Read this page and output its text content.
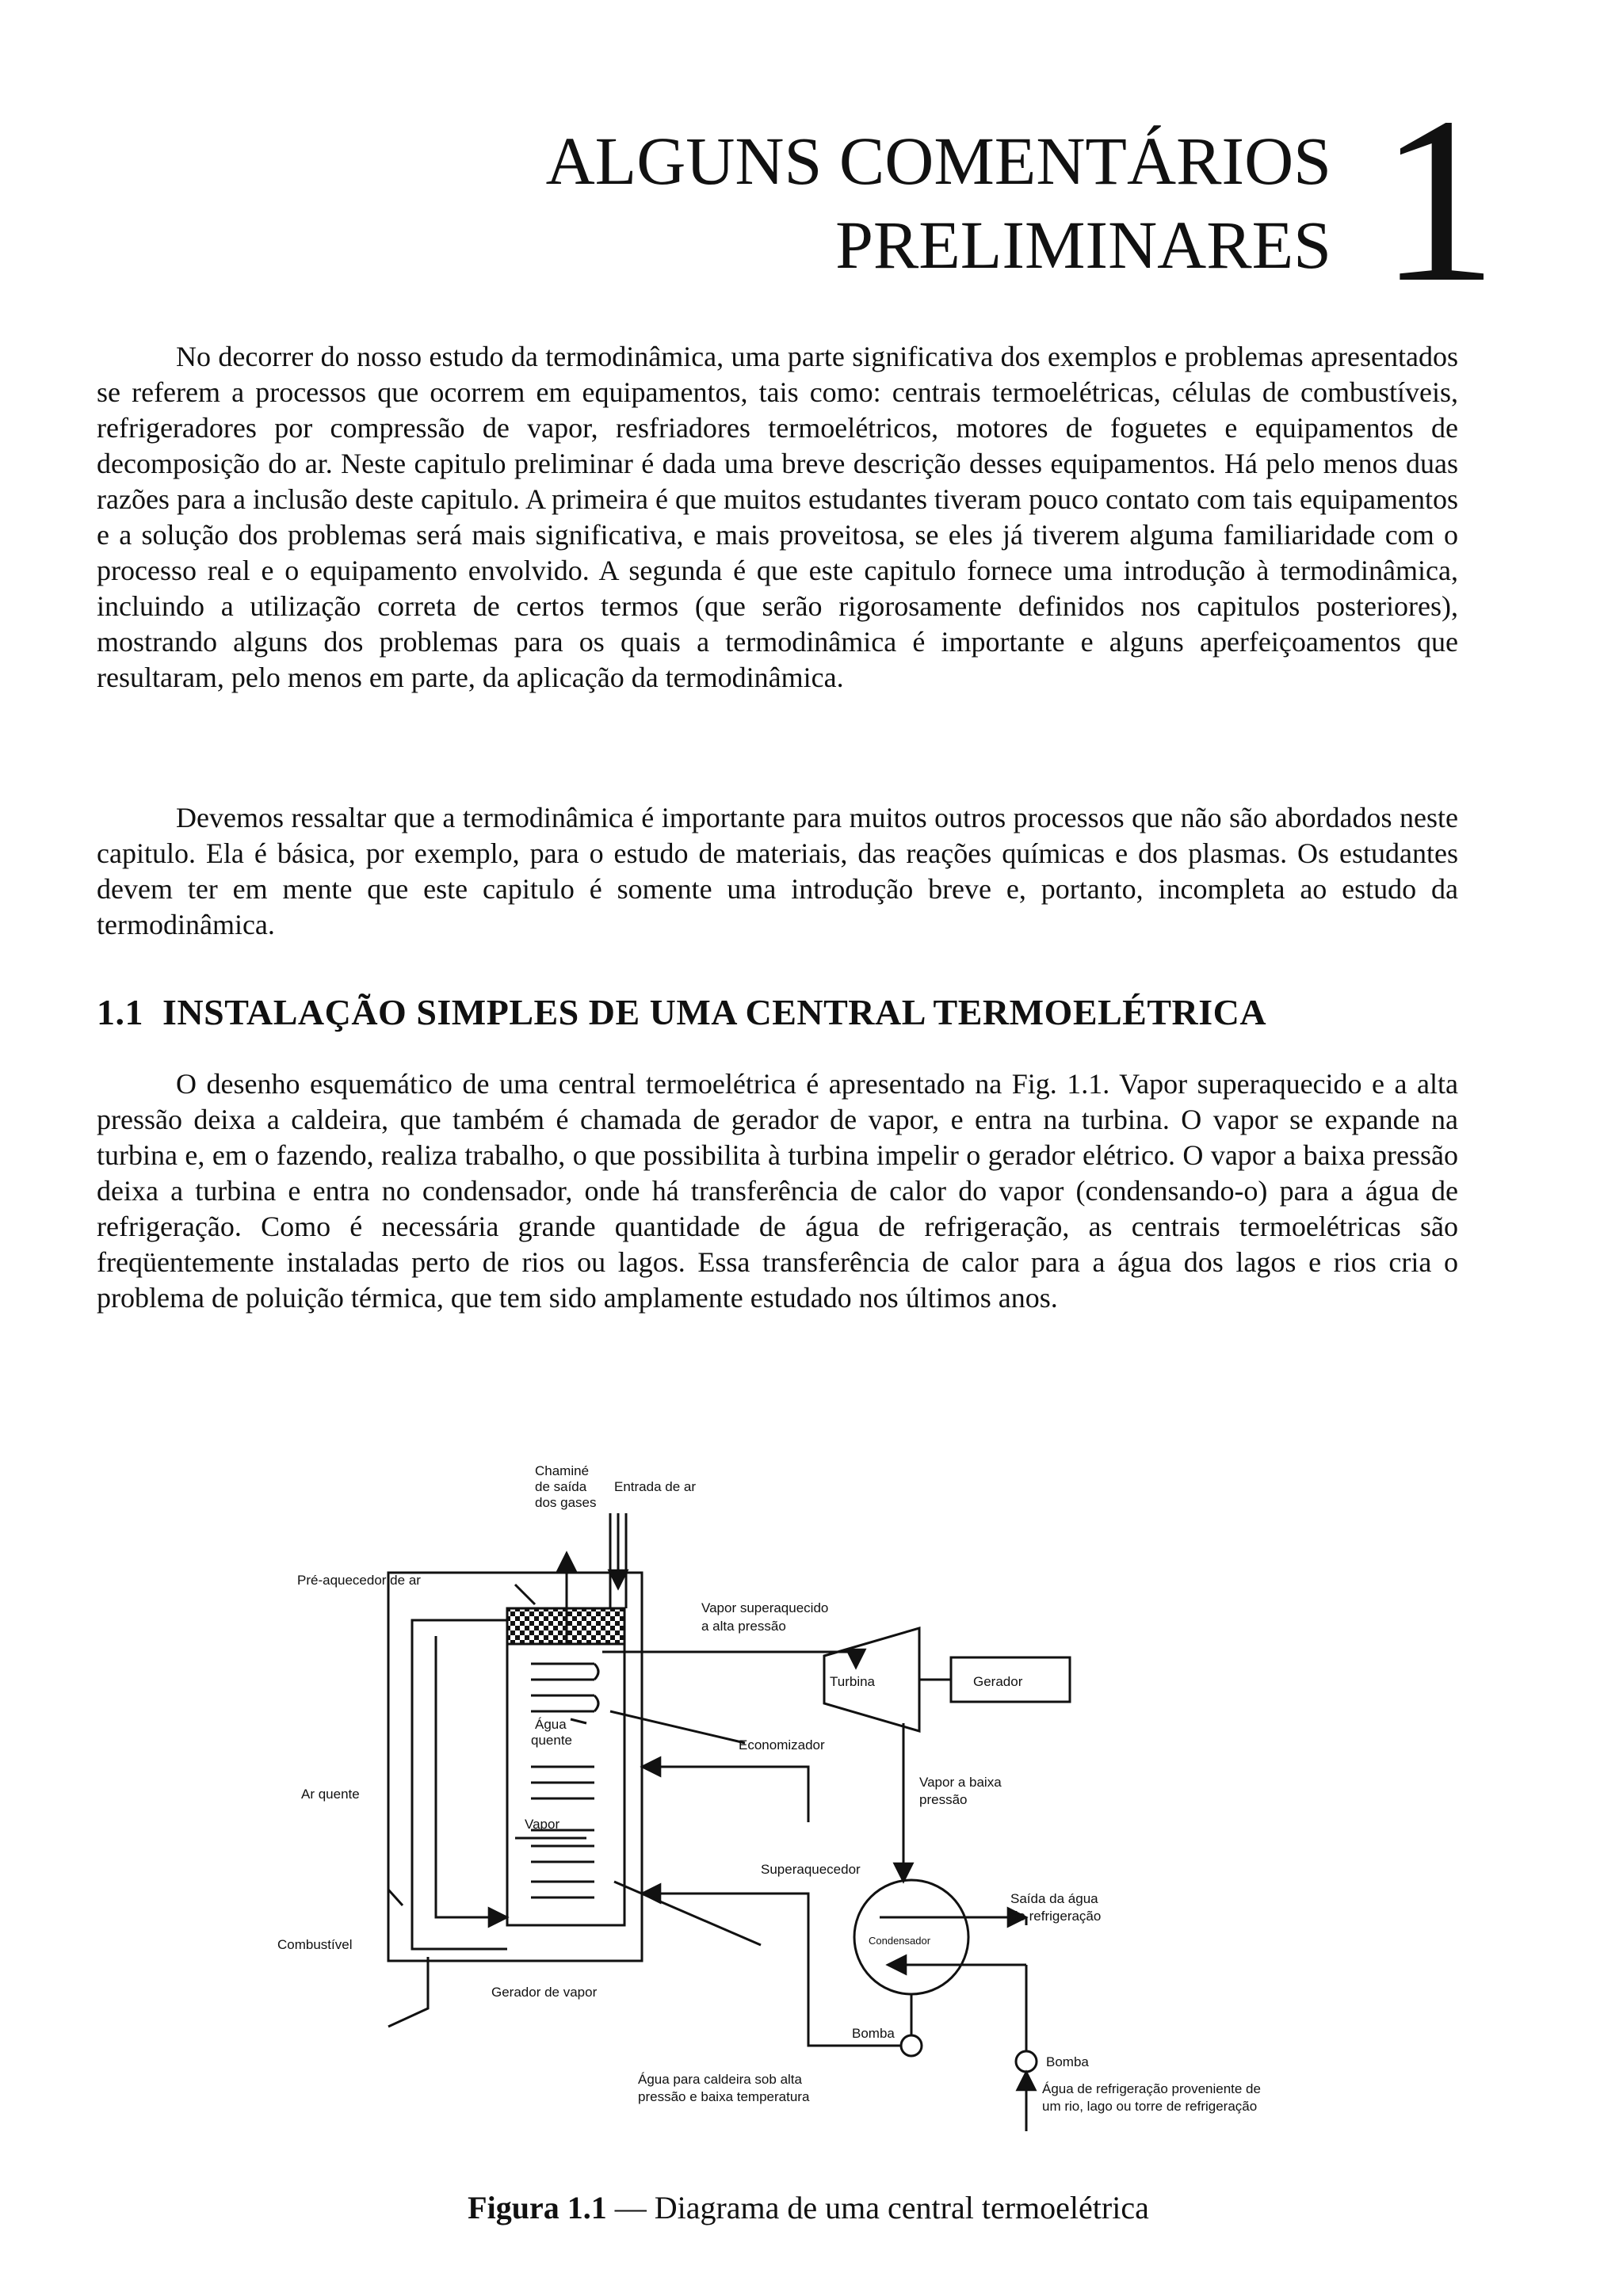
ALGUNS COMENTÁRIOS
PRELIMINARES 1

No decorrer do nosso estudo da termodinâmica, uma parte significativa dos exemplos e problemas apresentados se referem a processos que ocorrem em equipamentos, tais como: centrais termoelétricas, células de combustíveis, refrigeradores por compressão de vapor, resfriadores termoelétricos, motores de foguetes e equipamentos de decomposição do ar. Neste capitulo preliminar é dada uma breve descrição desses equipamentos. Há pelo menos duas razões para a inclusão deste capitulo. A primeira é que muitos estudantes tiveram pouco contato com tais equipamentos e a solução dos problemas será mais significativa, e mais proveitosa, se eles já tiverem alguma familiaridade com o processo real e o equipamento envolvido. A segunda é que este capitulo fornece uma introdução à termodinâmica, incluindo a utilização correta de certos termos (que serão rigorosamente definidos nos capitulos posteriores), mostrando alguns dos problemas para os quais a termodinâmica é importante e alguns aperfeiçoamentos que resultaram, pelo menos em parte, da aplicação da termodinâmica.

1.1 INSTALAÇÃO SIMPLES DE UMA CENTRAL TERMOELÉTRICA

Devemos ressaltar que a termodinâmica é importante para muitos outros processos que não são abordados neste capitulo. Ela é básica, por exemplo, para o estudo de materiais, das reações químicas e dos plasmas. Os estudantes devem ter em mente que este capitulo é somente uma introdução breve e, portanto, incompleta ao estudo da termodinâmica.

O desenho esquemático de uma central termoelétrica é apresentado na Fig. 1.1. Vapor superaquecido e a alta pressão deixa a caldeira, que também é chamada de gerador de vapor, e entra na turbina. O vapor se expande na turbina e, em o fazendo, realiza trabalho, o que possibilita à turbina impelir o gerador elétrico. O vapor a baixa pressão deixa a turbina e entra no condensador, onde há transferência de calor do vapor (condensando-o) para a água de refrigeração. Como é necessária grande quantidade de água de refrigeração, as centrais termoelétricas são freqüentemente instaladas perto de rios ou lagos. Essa transferência de calor para a água dos lagos e rios cria o problema de poluição térmica, que tem sido amplamente estudado nos últimos anos.

Chaminé
de saída
dos gases
Entrada de ar
Pré-aquecedor de ar
Vapor superaquecido
a alta pressão
Turbina	Gerador
Água
quente	Economizador
Ar quente
Vapor a baixa
pressão
Vapor
Superaquecedor
Saída da água
de refrigeração
Condensador
Combustível
Gerador de vapor
Bomba
Bomba
Água para caldeira sob alta
pressão e baixa temperatura
Água de refrigeração proveniente de
um rio, lago ou torre de refrigeração
Figura 1.1 — Diagrama de uma central termoelétrica
